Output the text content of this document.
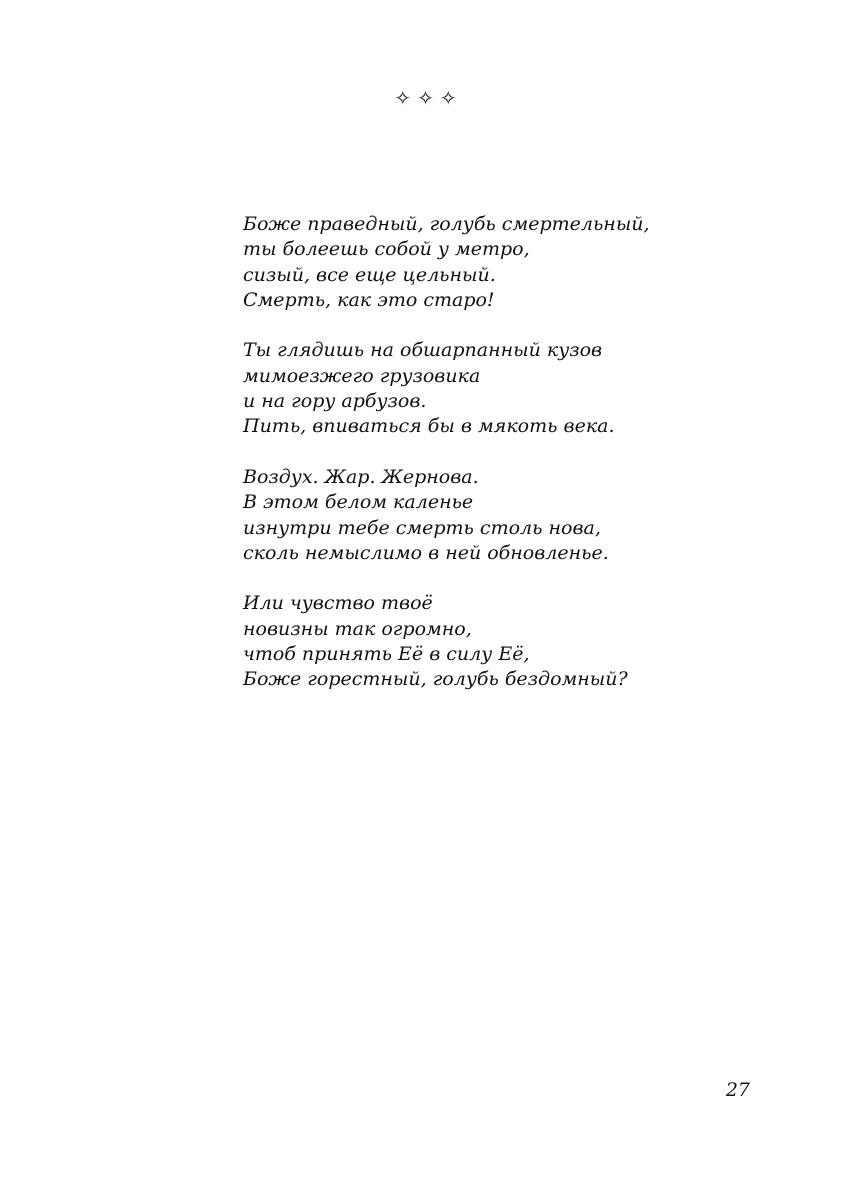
✧✧✧
Боже праведный, голубь смертельный,
ты болеешь собой у метро,
сизый, все еще цельный.
Смерть, как это старо!
Ты глядишь на обшарпанный кузов
мимоезжего грузовика
и на гору арбузов.
Пить, впиваться бы в мякоть века.
Воздух. Жар. Жернова.
В этом белом каленье
изнутри тебе смерть столь нова,
сколь немыслимо в ней обновленье.
Или чувство твоё
новизны так огромно,
чтоб принять Её в силу Её,
Боже горестный, голубь бездомный?
27
